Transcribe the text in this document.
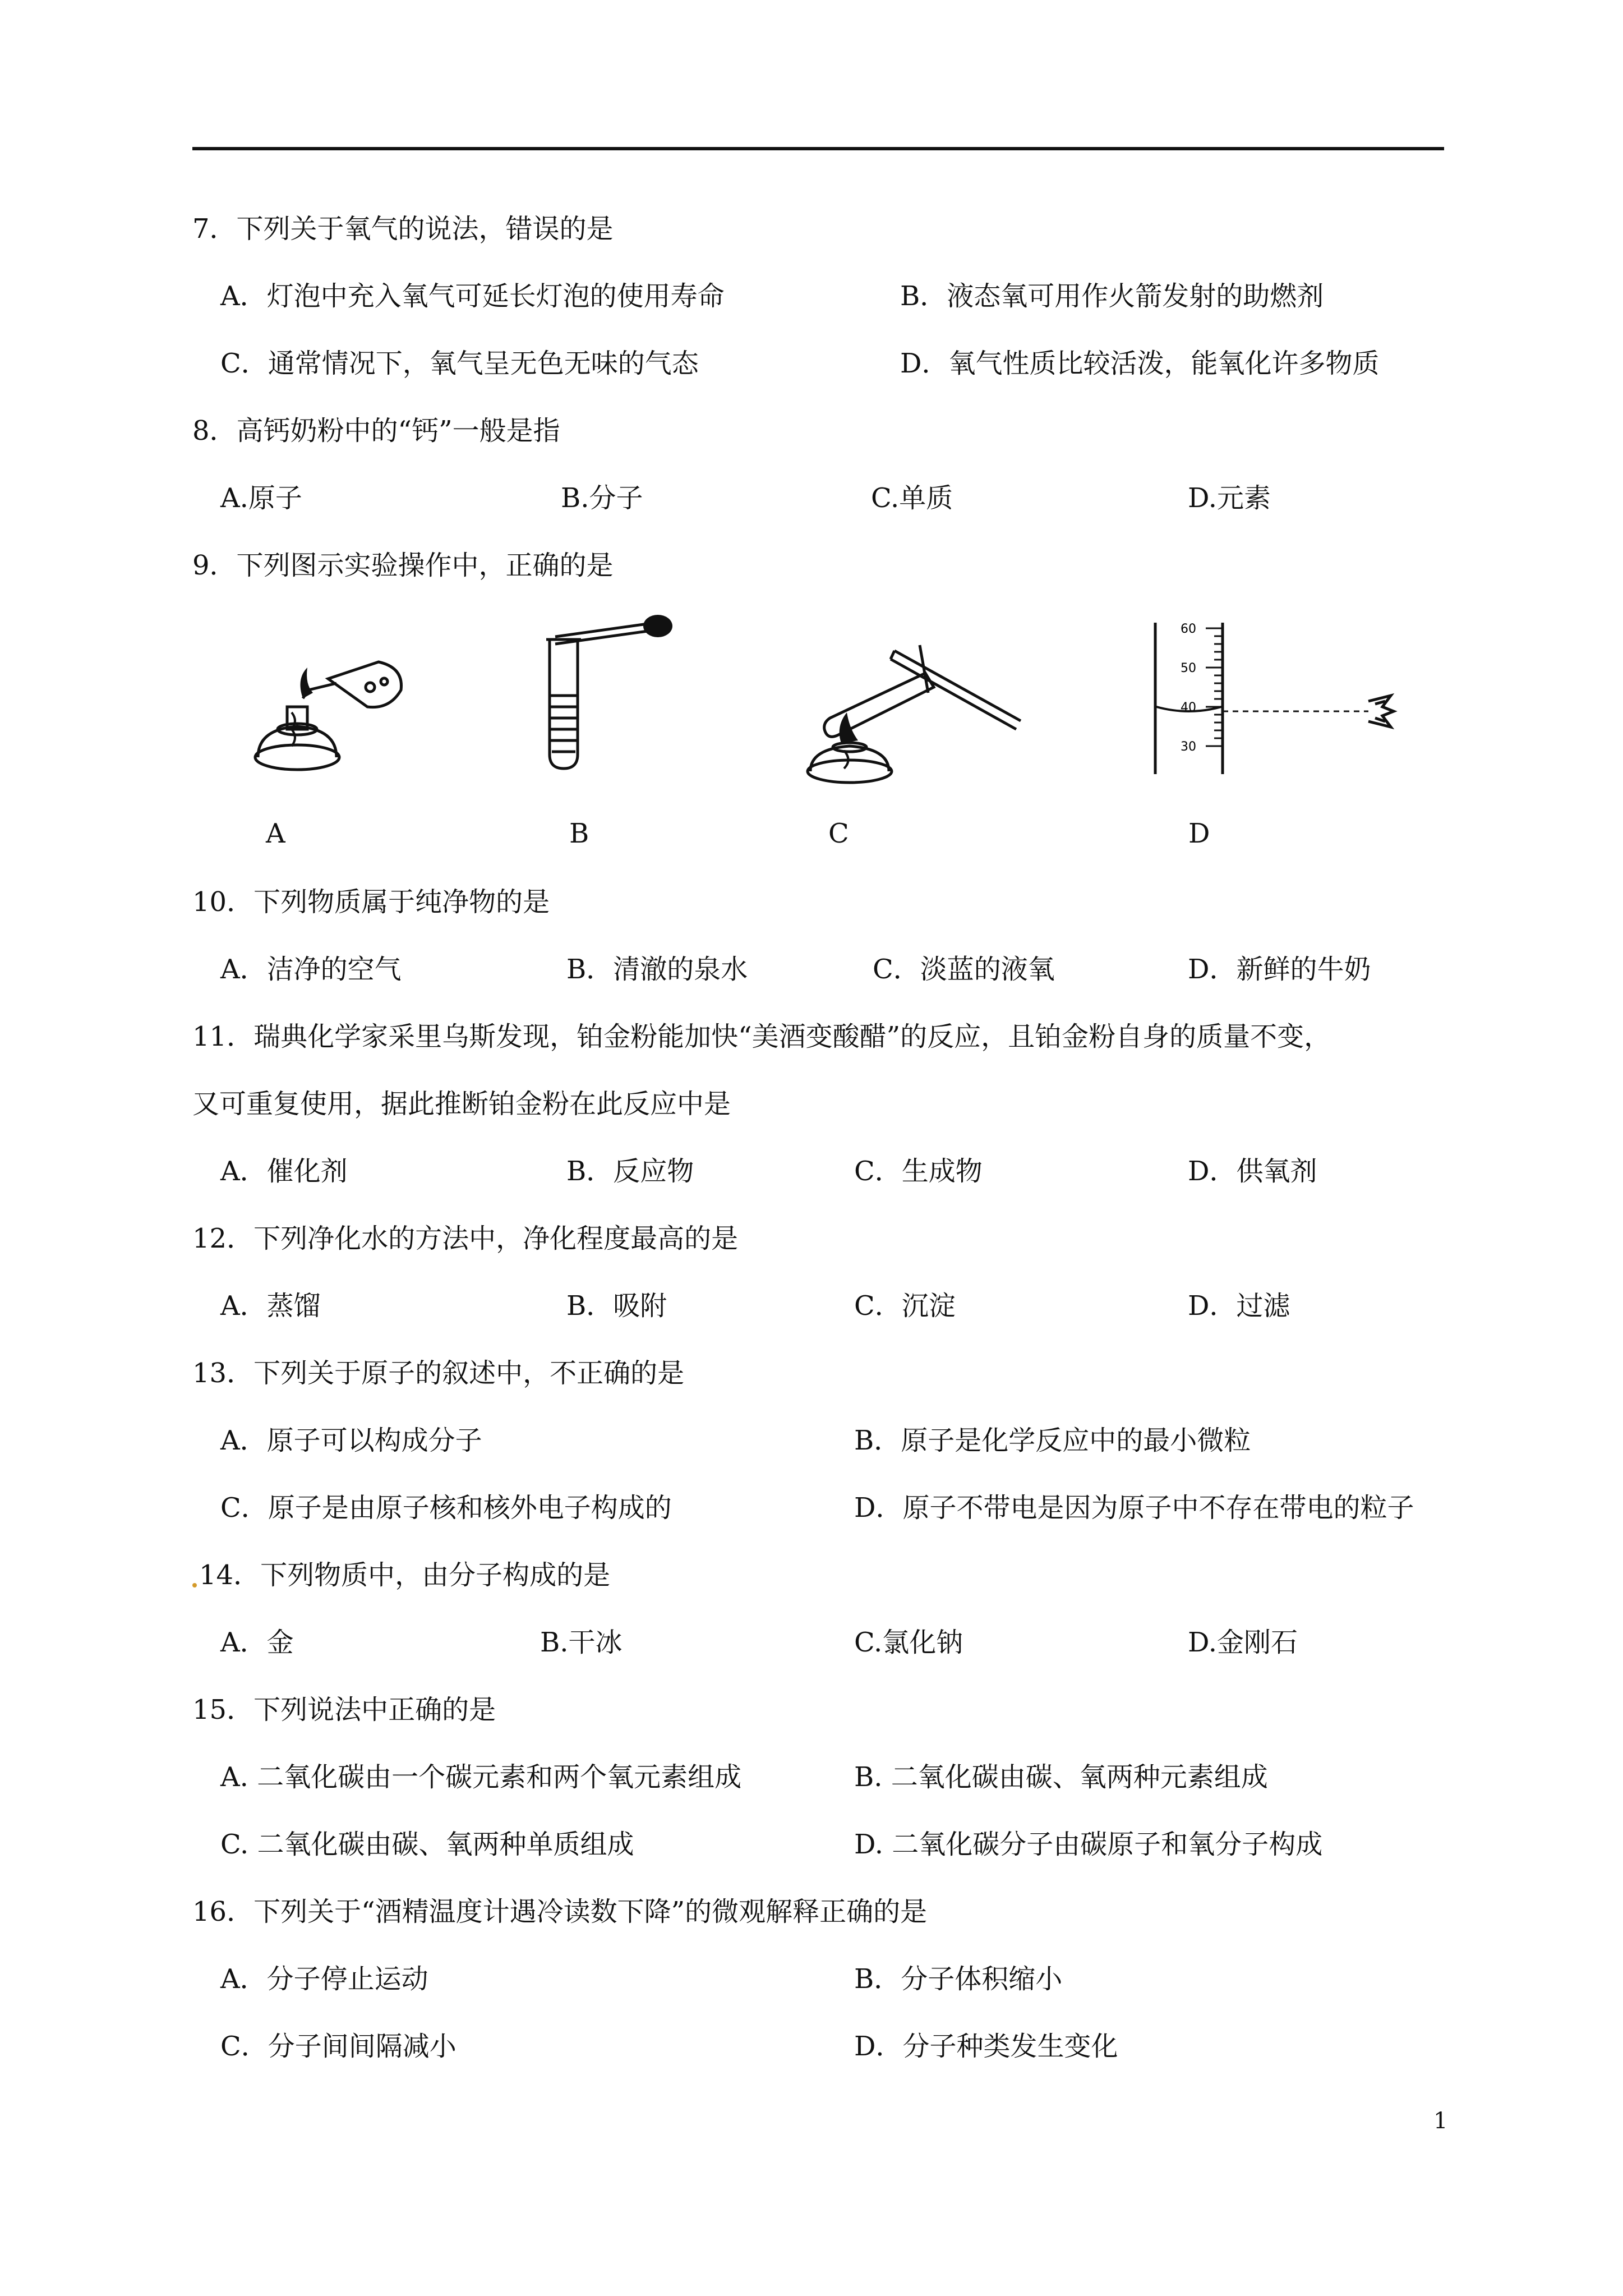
7．下列关于氧气的说法，错误的是
A．灯泡中充入氧气可延长灯泡的使用寿命	B．液态氧可用作火箭发射的助燃剂
C．通常情况下，氧气呈无色无味的气态	D．氧气性质比较活泼，能氧化许多物质
8．高钙奶粉中的“钙”一般是指
A.原子	B.分子	C.单质	D.元素
9．下列图示实验操作中，正确的是
60
50
40
30
A	B	C	D
10．下列物质属于纯净物的是
A．洁净的空气	B．清澈的泉水	C．淡蓝的液氧	D．新鲜的牛奶
11．瑞典化学家采里乌斯发现，铂金粉能加快“美酒变酸醋”的反应，且铂金粉自身的质量不变，
又可重复使用，据此推断铂金粉在此反应中是
A．催化剂	B．反应物	C．生成物	D．供氧剂
12．下列净化水的方法中，净化程度最高的是
A．蒸馏	B．吸附	C．沉淀	D．过滤
13．下列关于原子的叙述中，不正确的是
A．原子可以构成分子	B．原子是化学反应中的最小微粒
C．原子是由原子核和核外电子构成的	D．原子不带电是因为原子中不存在带电的粒子
14．下列物质中，由分子构成的是
A．金	B.干冰	C.氯化钠	D.金刚石
15．下列说法中正确的是
A. 二氧化碳由一个碳元素和两个氧元素组成	B. 二氧化碳由碳、氧两种元素组成
C. 二氧化碳由碳、氧两种单质组成	D. 二氧化碳分子由碳原子和氧分子构成
16．下列关于“酒精温度计遇冷读数下降”的微观解释正确的是
A．分子停止运动	B．分子体积缩小
C．分子间间隔减小	D．分子种类发生变化
1
